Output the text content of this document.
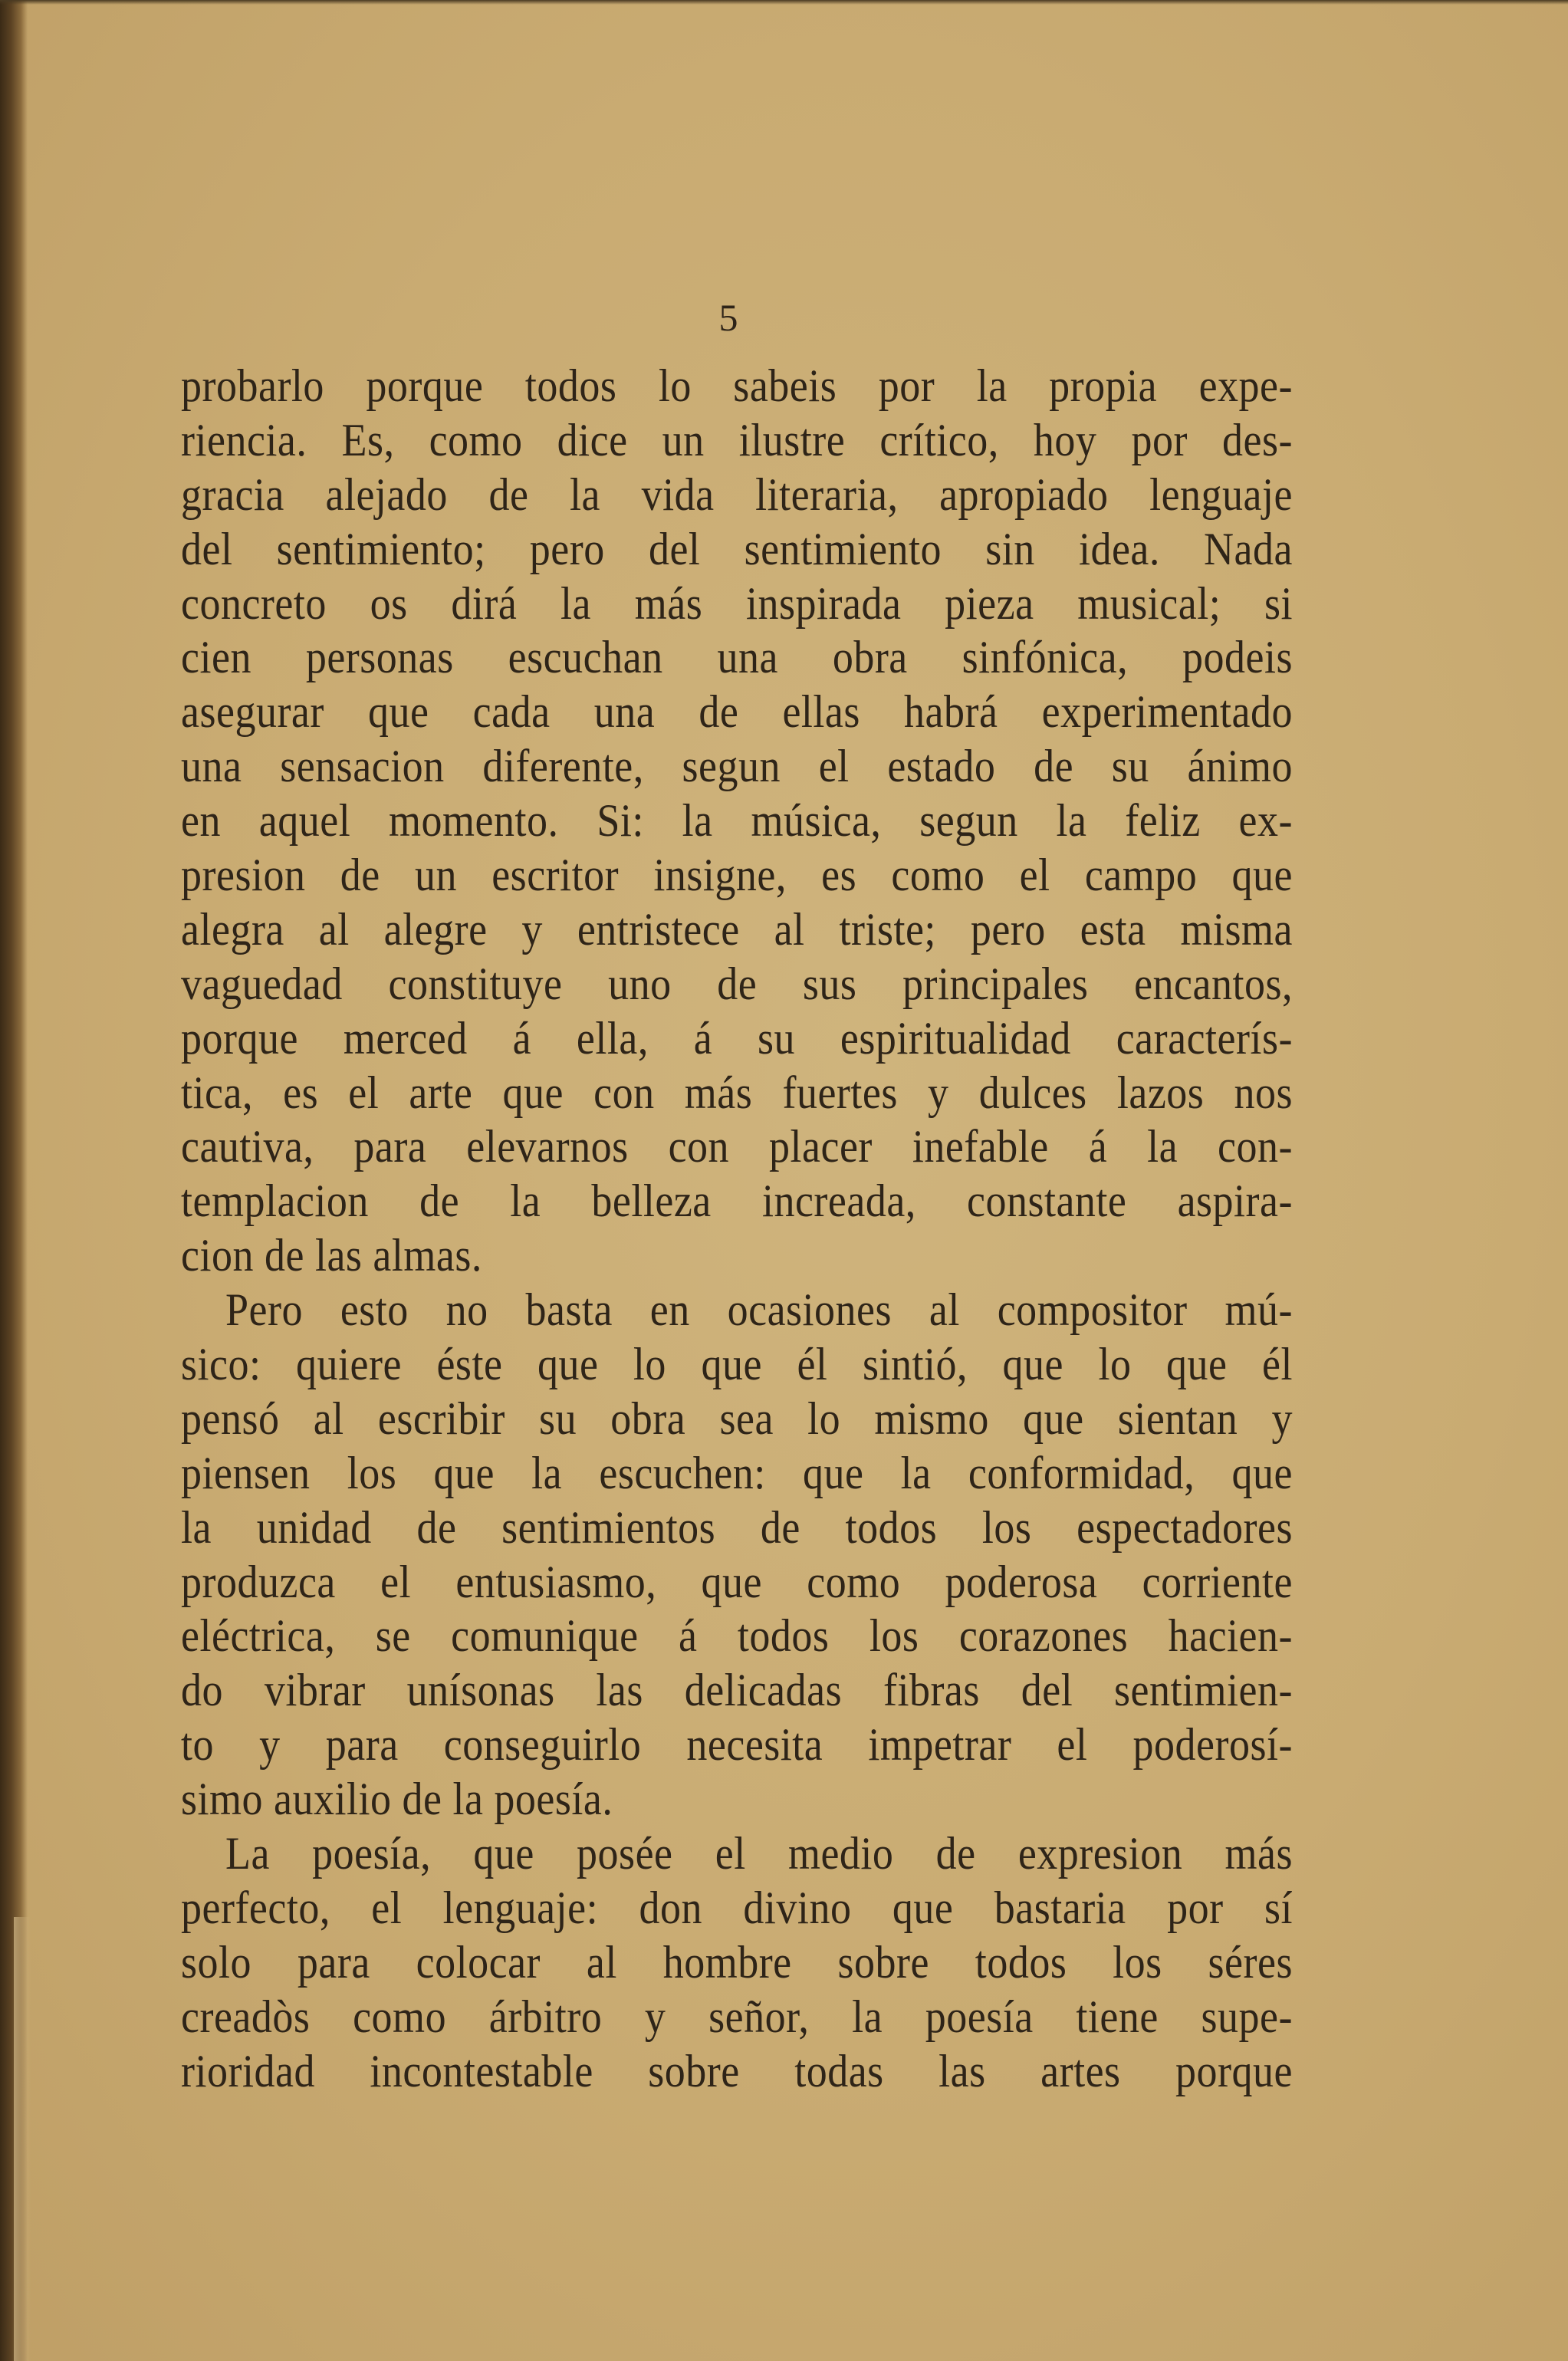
5
probarlo porque todos lo sabeis por la propia expe-
riencia. Es, como dice un ilustre crítico, hoy por des-
gracia alejado de la vida literaria, apropiado lenguaje
del sentimiento; pero del sentimiento sin idea. Nada
concreto os dirá la más inspirada pieza musical; si
cien personas escuchan una obra sinfónica, podeis
asegurar que cada una de ellas habrá experimentado
una sensacion diferente, segun el estado de su ánimo
en aquel momento. Si: la música, segun la feliz ex-
presion de un escritor insigne, es como el campo que
alegra al alegre y entristece al triste; pero esta misma
vaguedad constituye uno de sus principales encantos,
porque merced á ella, á su espiritualidad caracterís-
tica, es el arte que con más fuertes y dulces lazos nos
cautiva, para elevarnos con placer inefable á la con-
templacion de la belleza increada, constante aspira-
cion de las almas.
Pero esto no basta en ocasiones al compositor mú-
sico: quiere éste que lo que él sintió, que lo que él
pensó al escribir su obra sea lo mismo que sientan y
piensen los que la escuchen: que la conformidad, que
la unidad de sentimientos de todos los espectadores
produzca el entusiasmo, que como poderosa corriente
eléctrica, se comunique á todos los corazones hacien-
do vibrar unísonas las delicadas fibras del sentimien-
to y para conseguirlo necesita impetrar el poderosí-
simo auxilio de la poesía.
La poesía, que posée el medio de expresion más
perfecto, el lenguaje: don divino que bastaria por sí
solo para colocar al hombre sobre todos los séres
creadòs como árbitro y señor, la poesía tiene supe-
rioridad incontestable sobre todas las artes porque
